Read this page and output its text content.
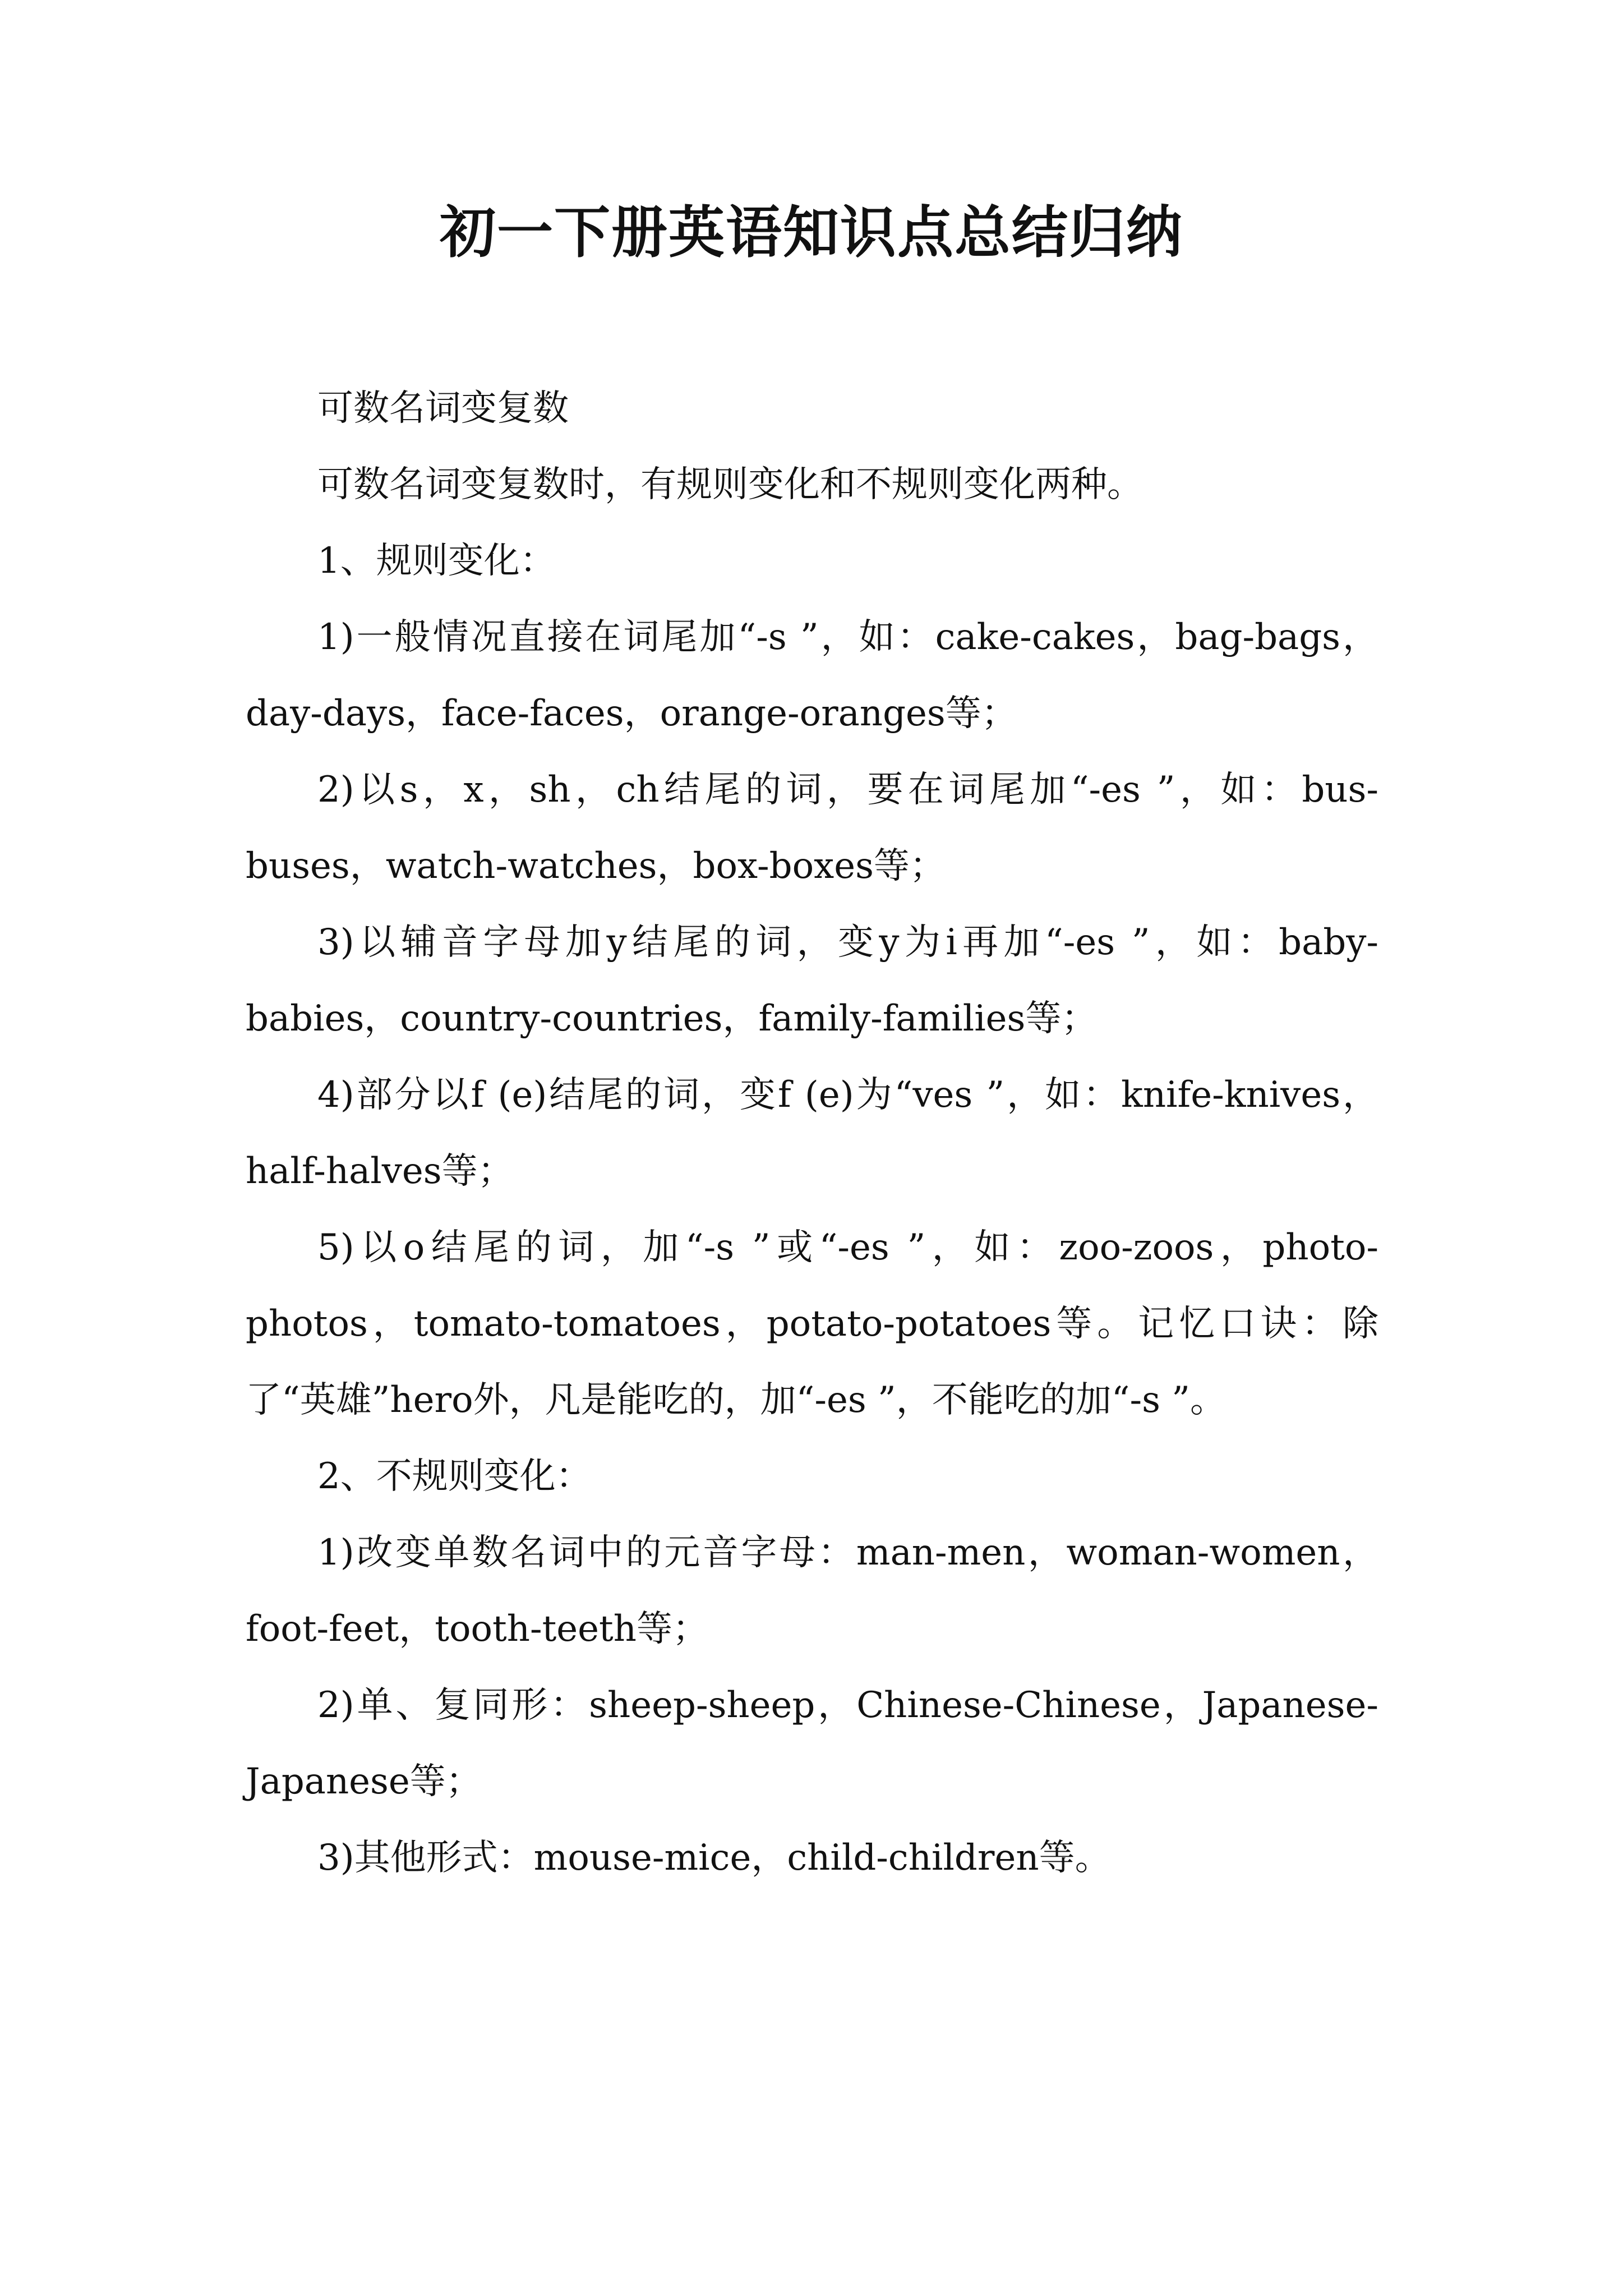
初一下册英语知识点总结归纳

可数名词变复数

可数名词变复数时，有规则变化和不规则变化两种。

1、规则变化：

1)一般情况直接在词尾加“-s ”，如：cake-cakes，bag-bags，day-days，face-faces，orange-oranges等；

2)以s，x，sh，ch结尾的词，要在词尾加“-es ”，如：bus-buses，watch-watches，box-boxes等；

3)以辅音字母加y结尾的词，变y为i再加“-es ”，如：baby-babies，country-countries，family-families等；

4)部分以f (e)结尾的词，变f (e)为“ves ”，如：knife-knives，half-halves等；

5)以o结尾的词，加“-s ”或“-es ”，如：zoo-zoos，photo-photos，tomato-tomatoes，potato-potatoes等。记忆口诀：除了“英雄”hero外，凡是能吃的，加“-es ”，不能吃的加“-s ”。

2、不规则变化：

1)改变单数名词中的元音字母：man-men，woman-women，foot-feet，tooth-teeth等；

2)单、复同形：sheep-sheep，Chinese-Chinese，Japanese-Japanese等；

3)其他形式：mouse-mice，child-children等。
